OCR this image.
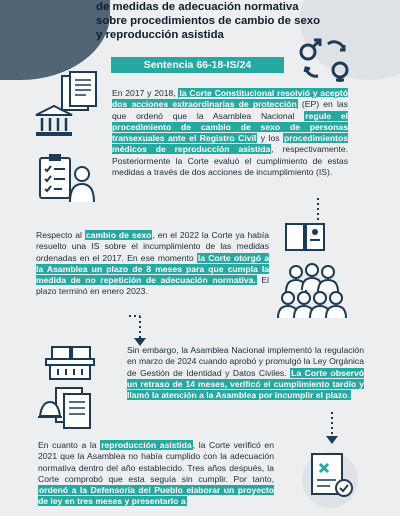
de medidas de adecuación normativa
sobre procedimientos de cambio de sexo
y reproducción asistida
Sentencia 66-18-IS/24
En 2017 y 2018, la Corte Constitucional resolvió y aceptó dos acciones extraordinarias de protección (EP) en las que ordenó que la Asamblea Nacional regule el procedimiento de cambio de sexo de personas transexuales ante el Registro Civil y los procedimientos médicos de reproducción asistida, respectivamente. Posteriormente la Corte evaluó el cumplimiento de estas medidas a través de dos acciones de incumplimiento (IS).
Respecto al cambio de sexo, en el 2022 la Corte ya había resuelto una IS sobre el incumplimiento de las medidas ordenadas en el 2017. En ese momento la Corte otorgó a la Asamblea un plazo de 8 meses para que cumpla la medida de no repetición de adecuación normativa. El plazo terminó en enero 2023.
Sin embargo, la Asamblea Nacional implementó la regulación en marzo de 2024 cuando aprobó y promulgó la Ley Orgánica de Gestión de Identidad y Datos Civiles. La Corte observó un retraso de 14 meses, verificó el cumplimiento tardío y llamó la atención a la Asamblea por incumplir el plazo.
En cuanto a la reproducción asistida, la Corte verificó en 2021 que la Asamblea no había cumplido con la adecuación normativa dentro del año establecido. Tres años después, la Corte comprobó que esta seguía sin cumplir. Por tanto, ordenó a la Defensoría del Pueblo elaborar un proyecto de ley en tres meses y presentarlo a
